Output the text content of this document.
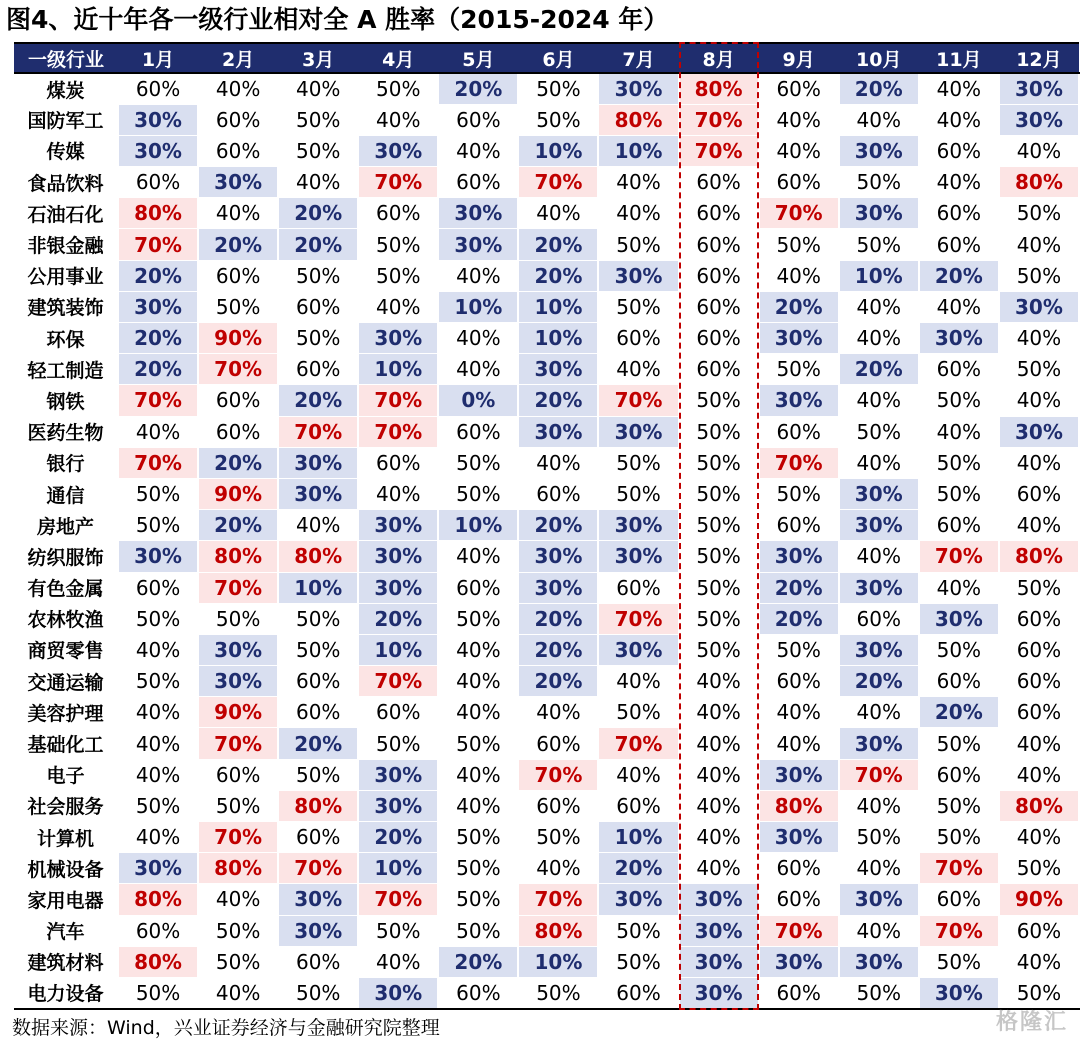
图4、近十年各一级行业相对全 A 胜率（2015-2024 年）
一级行业	1月	2月	3月	4月	5月	6月	7月	8月	9月	10月	11月	12月
煤炭	60%	40%	40%	50%	20%	50%	30%	80%	60%	20%	40%	30%
国防军工	30%	60%	50%	40%	60%	50%	80%	70%	40%	40%	40%	30%
传媒	30%	60%	50%	30%	40%	10%	10%	70%	40%	30%	60%	40%
食品饮料	60%	30%	40%	70%	60%	70%	40%	60%	60%	50%	40%	80%
石油石化	80%	40%	20%	60%	30%	40%	40%	60%	70%	30%	60%	50%
非银金融	70%	20%	20%	50%	30%	20%	50%	60%	50%	50%	60%	40%
公用事业	20%	60%	50%	50%	40%	20%	30%	60%	40%	10%	20%	50%
建筑装饰	30%	50%	60%	40%	10%	10%	50%	60%	20%	40%	40%	30%
环保	20%	90%	50%	30%	40%	10%	60%	60%	30%	40%	30%	40%
轻工制造	20%	70%	60%	10%	40%	30%	40%	60%	50%	20%	60%	50%
钢铁	70%	60%	20%	70%	0%	20%	70%	50%	30%	40%	50%	40%
医药生物	40%	60%	70%	70%	60%	30%	30%	50%	60%	50%	40%	30%
银行	70%	20%	30%	60%	50%	40%	50%	50%	70%	40%	50%	40%
通信	50%	90%	30%	40%	50%	60%	50%	50%	50%	30%	50%	60%
房地产	50%	20%	40%	30%	10%	20%	30%	50%	60%	30%	60%	40%
纺织服饰	30%	80%	80%	30%	40%	30%	30%	50%	30%	40%	70%	80%
有色金属	60%	70%	10%	30%	60%	30%	60%	50%	20%	30%	40%	50%
农林牧渔	50%	50%	50%	20%	50%	20%	70%	50%	20%	60%	30%	60%
商贸零售	40%	30%	50%	10%	40%	20%	30%	50%	50%	30%	50%	60%
交通运输	50%	30%	60%	70%	40%	20%	40%	40%	60%	20%	60%	60%
美容护理	40%	90%	60%	60%	40%	40%	50%	40%	40%	40%	20%	60%
基础化工	40%	70%	20%	50%	50%	60%	70%	40%	40%	30%	50%	40%
电子	40%	60%	50%	30%	40%	70%	40%	40%	30%	70%	60%	40%
社会服务	50%	50%	80%	30%	40%	60%	60%	40%	80%	40%	50%	80%
计算机	40%	70%	60%	20%	50%	50%	10%	40%	30%	50%	50%	40%
机械设备	30%	80%	70%	10%	50%	40%	20%	40%	60%	40%	70%	50%
家用电器	80%	40%	30%	70%	50%	70%	30%	30%	60%	30%	60%	90%
汽车	60%	50%	30%	50%	50%	80%	50%	30%	70%	40%	70%	60%
建筑材料	80%	50%	60%	40%	20%	10%	50%	30%	30%	30%	50%	40%
电力设备	50%	40%	50%	30%	60%	50%	60%	30%	60%	50%	30%	50%
数据来源：Wind，兴业证券经济与金融研究院整理	格隆汇
